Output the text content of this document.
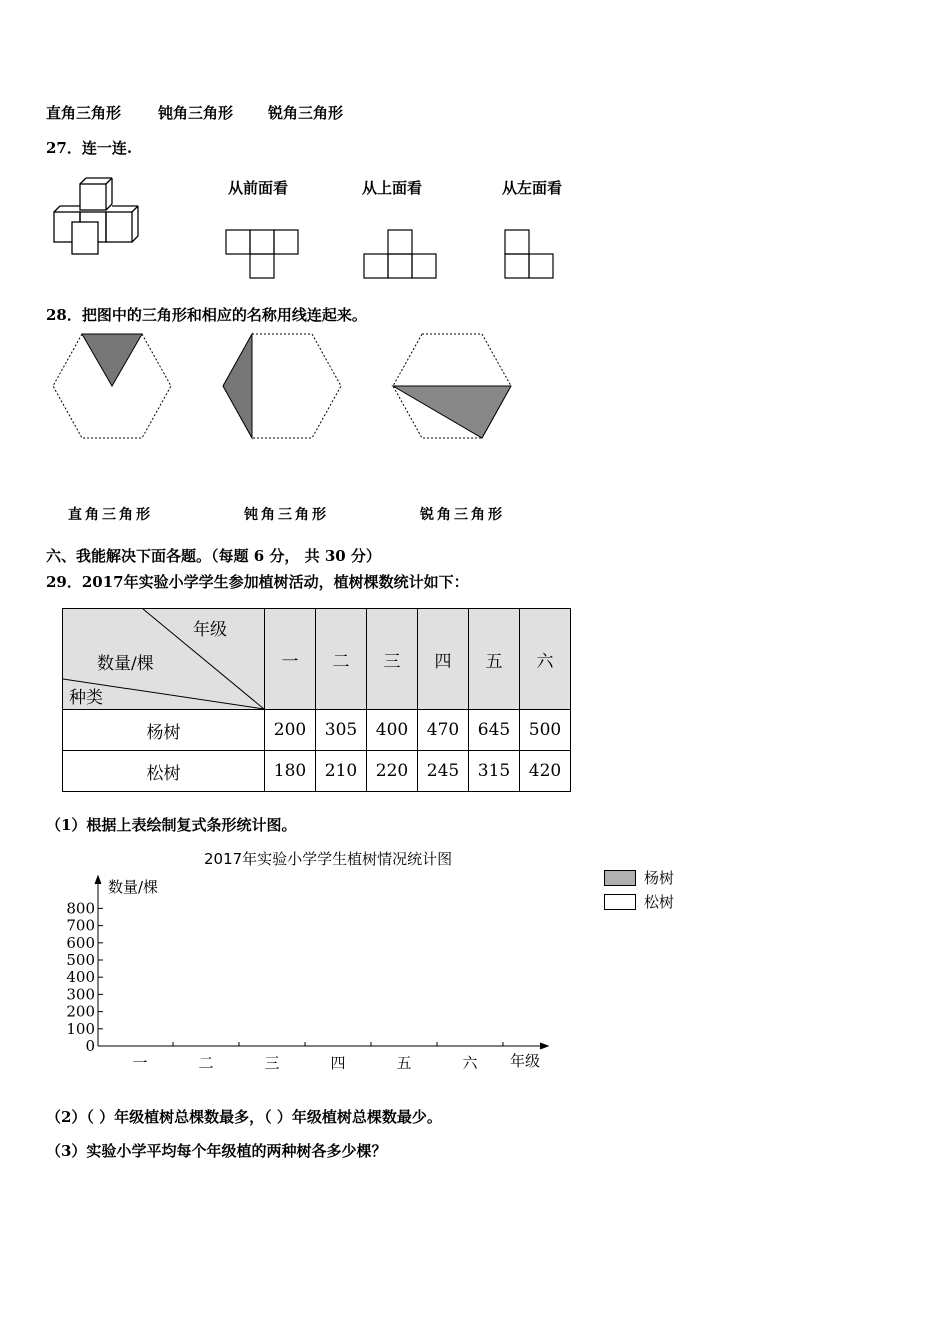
直角三角形 钝角三角形 锐角三角形
27．连一连.
从前面看	从上面看	从左面看
28．把图中的三角形和相应的名称用线连起来。
直角三角形	钝角三角形	锐角三角形
六、我能解决下面各题。（每题 6 分， 共 30 分）
29．2017年实验小学学生参加植树活动，植树棵数统计如下：
年级
数量/棵
种类	一	二	三	四	五	六
杨树	200	305	400	470	645	500
松树	180	210	220	245	315	420
（1）根据上表绘制复式条形统计图。
2017年实验小学学生植树情况统计图
0
100
200
300
400
500
600
700
800
数量/棵
一	二	三	四	五	六 年级
杨树
松树
（2）（ ）年级植树总棵数最多，（ ）年级植树总棵数最少。
（3）实验小学平均每个年级植的两种树各多少棵？
